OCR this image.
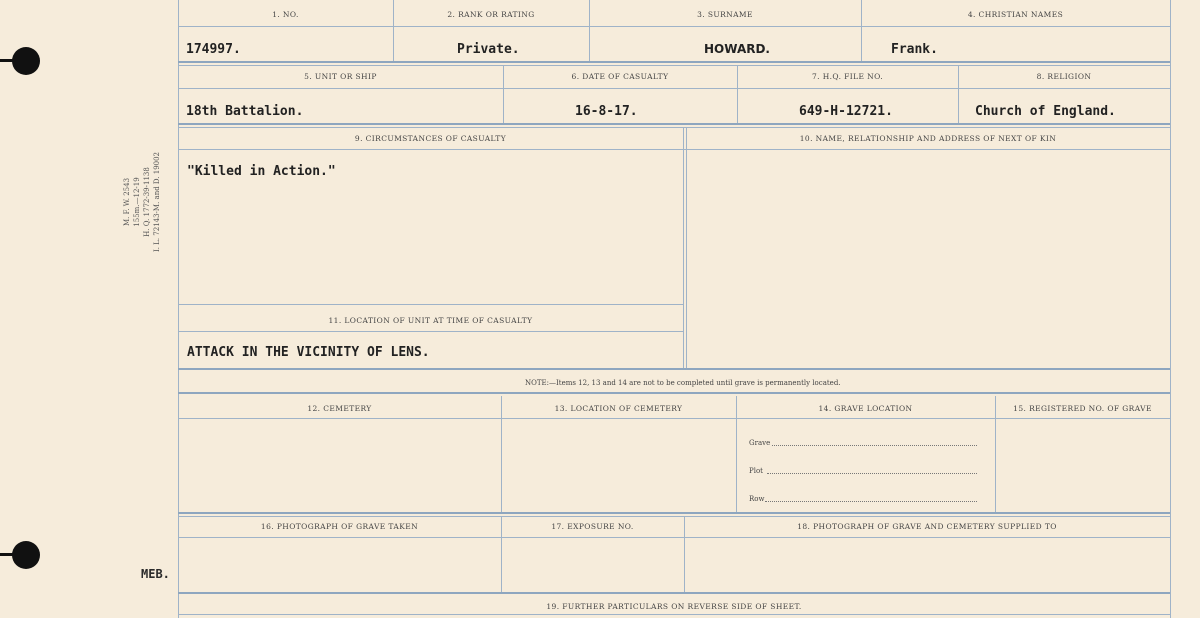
M. F. W. 2543 155m.—12-19 H. Q. 1772-39-1138 I. L. 72143-M. and D. 19002
MEB.
1. NO.	2. RANK OR RATING	3. SURNAME	4. CHRISTIAN NAMES
174997.	Private.	HOWARD.	Frank.
5. UNIT OR SHIP	6. DATE OF CASUALTY	7. H.Q. FILE NO.	8. RELIGION
18th Battalion.	16-8-17.	649-H-12721.	Church of England.
9. CIRCUMSTANCES OF CASUALTY	10. NAME, RELATIONSHIP AND ADDRESS OF NEXT OF KIN
"Killed in Action."
11. LOCATION OF UNIT AT TIME OF CASUALTY
ATTACK IN THE VICINITY OF LENS.
NOTE:—Items 12, 13 and 14 are not to be completed until grave is permanently located.
12. CEMETERY	13. LOCATION OF CEMETERY	14. GRAVE LOCATION	15. REGISTERED NO. OF GRAVE
Grave
Plot
Row
16. PHOTOGRAPH OF GRAVE TAKEN	17. EXPOSURE NO.	18. PHOTOGRAPH OF GRAVE AND CEMETERY SUPPLIED TO
19. FURTHER PARTICULARS ON REVERSE SIDE OF SHEET.
